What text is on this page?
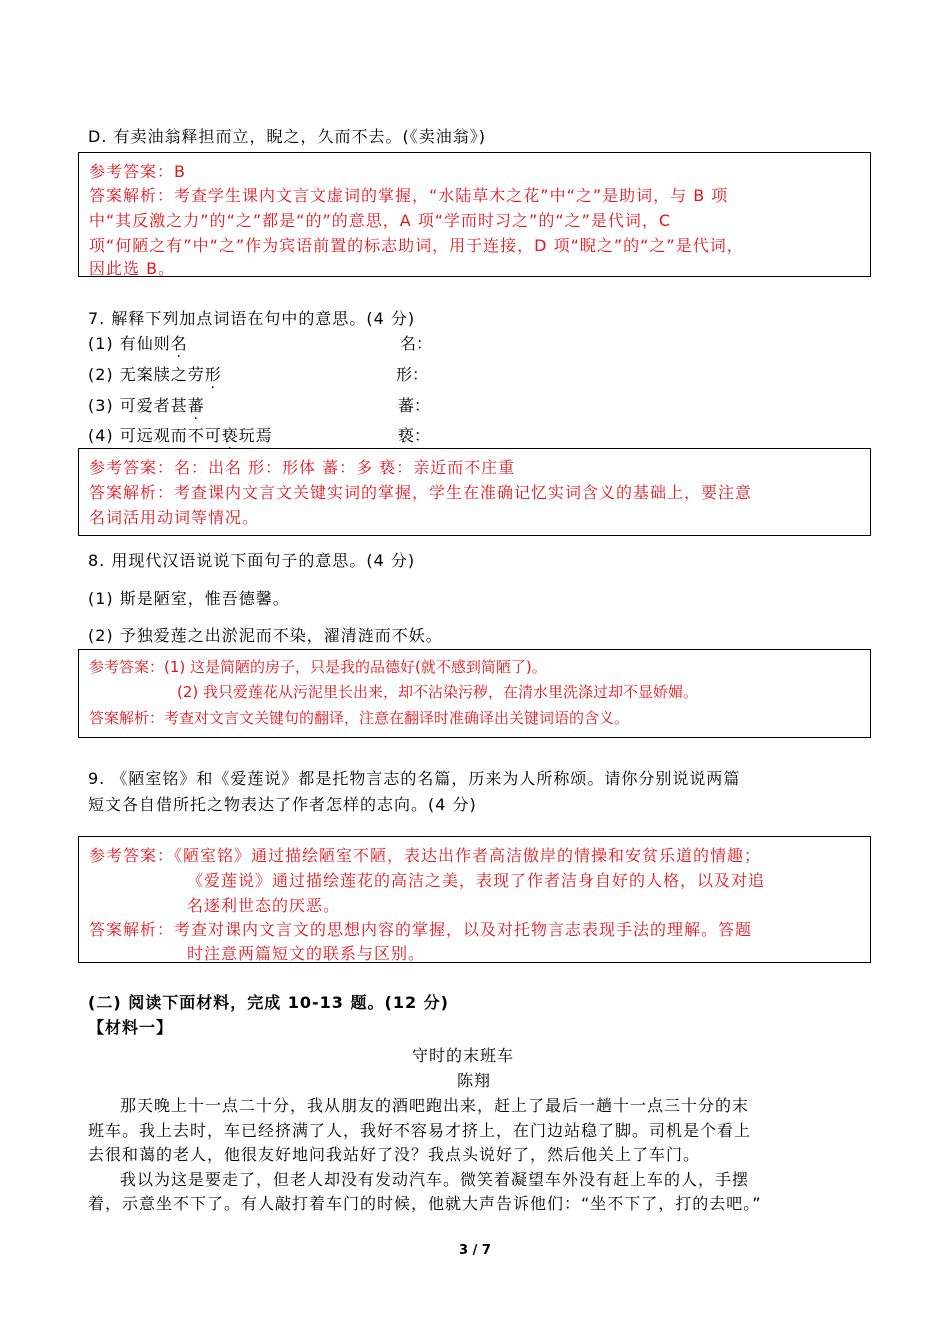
D. 有卖油翁释担而立，睨之，久而不去。(《卖油翁》)
参考答案：B
答案解析：考查学生课内文言文虚词的掌握，“水陆草木之花”中“之”是助词，与 B 项
中“其反激之力”的“之”都是“的”的意思，A 项“学而时习之”的“之”是代词，C
项“何陋之有”中“之”作为宾语前置的标志助词，用于连接，D 项“睨之”的“之”是代词，
因此选 B。
7. 解释下列加点词语在句中的意思。(4 分)
(1) 有仙则名	名：
(2) 无案牍之劳形	形：
(3) 可爱者甚蕃	蕃：
(4) 可远观而不可亵玩焉	亵：
参考答案：名：出名 形：形体 蕃：多 亵：亲近而不庄重
答案解析：考查课内文言文关键实词的掌握，学生在准确记忆实词含义的基础上，要注意
名词活用动词等情况。
8. 用现代汉语说说下面句子的意思。(4 分)
(1) 斯是陋室，惟吾德馨。
(2) 予独爱莲之出淤泥而不染，濯清涟而不妖。
参考答案：(1) 这是简陋的房子，只是我的品德好(就不感到简陋了)。
(2) 我只爱莲花从污泥里长出来，却不沾染污秽，在清水里洗涤过却不显娇媚。
答案解析：考查对文言文关键句的翻译，注意在翻译时准确译出关键词语的含义。
9. 《陋室铭》和《爱莲说》都是托物言志的名篇，历来为人所称颂。请你分别说说两篇
短文各自借所托之物表达了作者怎样的志向。(4 分)
参考答案：《陋室铭》通过描绘陋室不陋，表达出作者高洁傲岸的情操和安贫乐道的情趣；
《爱莲说》通过描绘莲花的高洁之美，表现了作者洁身自好的人格，以及对追
名逐利世态的厌恶。
答案解析：考查对课内文言文的思想内容的掌握，以及对托物言志表现手法的理解。答题
时注意两篇短文的联系与区别。
(二) 阅读下面材料，完成 10-13 题。(12 分)
【材料一】
守时的末班车
陈翔
那天晚上十一点二十分，我从朋友的酒吧跑出来，赶上了最后一趟十一点三十分的末
班车。我上去时，车已经挤满了人，我好不容易才挤上，在门边站稳了脚。司机是个看上
去很和蔼的老人，他很友好地问我站好了没？我点头说好了，然后他关上了车门。
我以为这是要走了，但老人却没有发动汽车。微笑着凝望车外没有赶上车的人，手摆
着，示意坐不下了。有人敲打着车门的时候，他就大声告诉他们：“坐不下了，打的去吧。”
3 / 7
